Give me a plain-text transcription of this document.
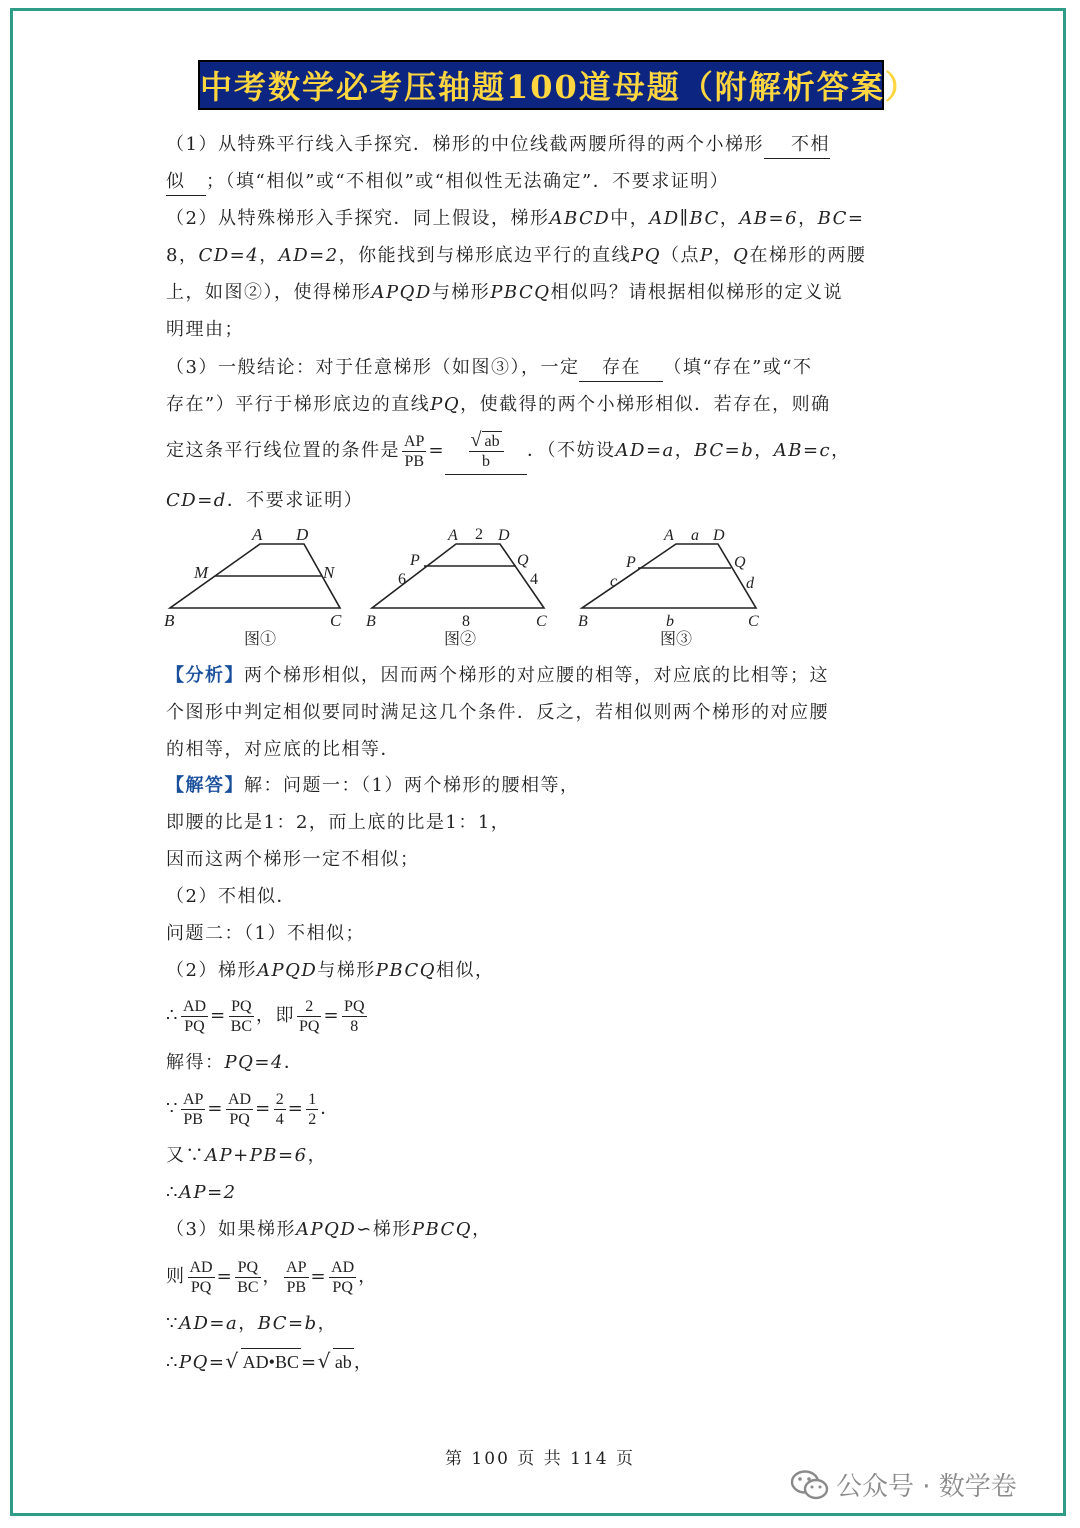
中考数学必考压轴题100道母题（附解析答案）
（1）从特殊平行线入手探究．梯形的中位线截两腰所得的两个小梯形 不相
似 ；（填“相似”或“不相似”或“相似性无法确定”．不要求证明）
（2）从特殊梯形入手探究．同上假设，梯形ABCD中，AD∥BC，AB=6，BC=
8，CD=4，AD=2，你能找到与梯形底边平行的直线PQ（点P，Q在梯形的两腰
上，如图②），使得梯形APQD与梯形PBCQ相似吗？请根据相似梯形的定义说
明理由；
（3）一般结论：对于任意梯形（如图③），一定 存在 （填“存在”或“不
存在”）平行于梯形底边的直线PQ，使截得的两个小梯形相似．若存在，则确
定这条平行线位置的条件是 $\frac{AP}{PB} = \frac{√ ab}{b}$ ．（不妨设AD=a，BC=b，AB=c，
CD=d．不要求证明）
A D
M	N
B	C
图①
A 2 D
P	Q
6	4
B	8	C
图②
A a D
P	Q
c	d
B	b	C
图③
【分析】两个梯形相似，因而两个梯形的对应腰的相等，对应底的比相等；这
个图形中判定相似要同时满足这几个条件．反之，若相似则两个梯形的对应腰
的相等，对应底的比相等．
【解答】解：问题一：（1）两个梯形的腰相等，
即腰的比是1：2，而上底的比是1：1，
因而这两个梯形一定不相似；
（2）不相似．
问题二：（1）不相似；
（2）梯形APQD与梯形PBCQ相似，
∴ $\frac{AD}{PQ} = \frac{PQ}{BC}$ ，即 $\frac{2}{PQ} = \frac{PQ}{8}$
解得：PQ=4．
∵ $\frac{AP}{PB} = \frac{AD}{PQ} = \frac{2}{4} = \frac{1}{2}$ ．
又∵AP+PB=6，
∴AP=2
（3）如果梯形APQD∽梯形PBCQ，
则 $\frac{AD}{PQ} = \frac{PQ}{BC}$ ， $\frac{AP}{PB} = \frac{AD}{PQ}$ ，
∵AD=a，BC=b，
∴PQ=√ AD•BC =√ ab ，
第 100 页 共 114 页
公众号 · 数学卷
